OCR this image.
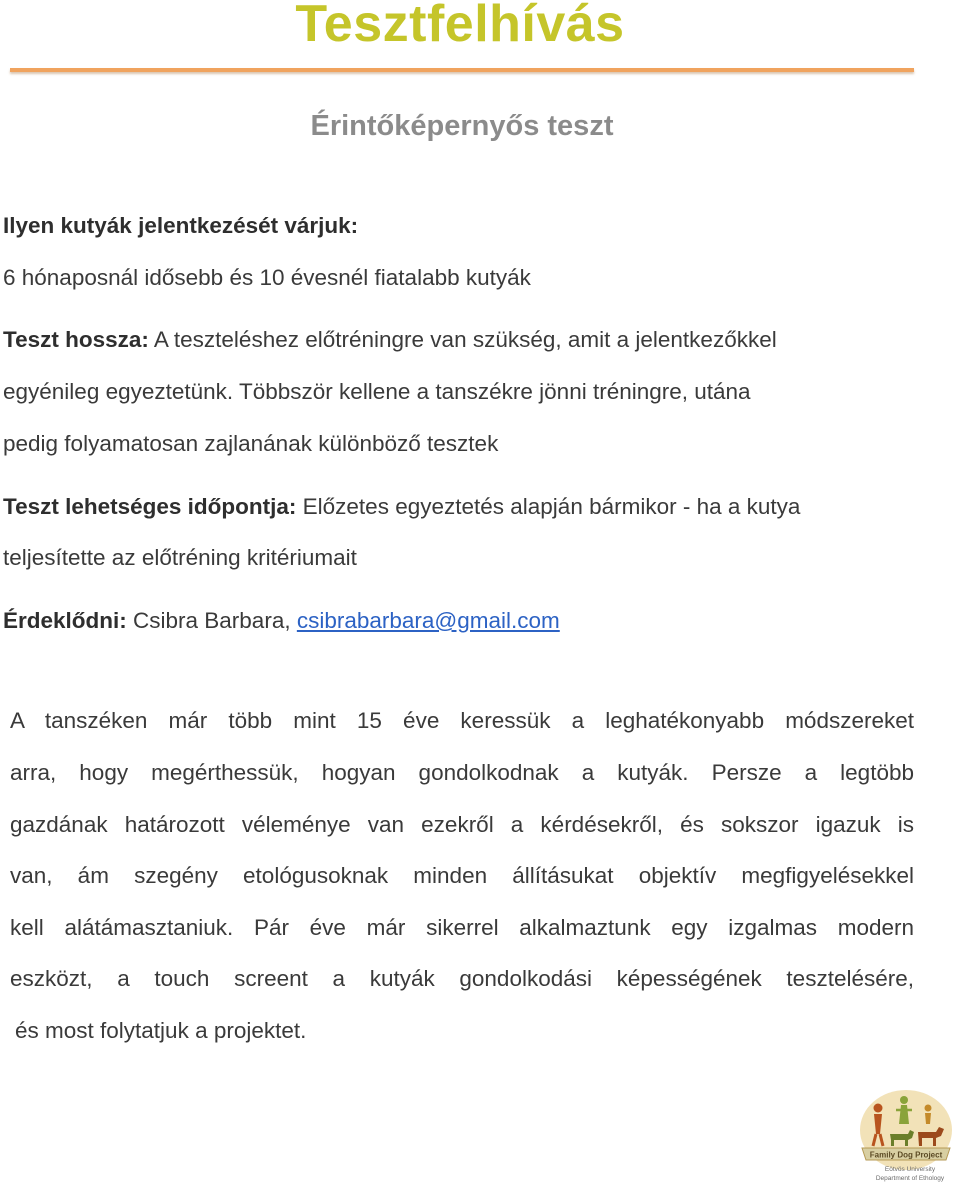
Tesztfelhívás
Érintőképernyős teszt
Ilyen kutyák jelentkezését várjuk:
6 hónaposnál idősebb és 10 évesnél fiatalabb kutyák
Teszt hossza: A teszteléshez előtréningre van szükség, amit a jelentkezőkkel
egyénileg egyeztetünk. Többször kellene a tanszékre jönni tréningre, utána
pedig folyamatosan zajlanának különböző tesztek
Teszt lehetséges időpontja: Előzetes egyeztetés alapján bármikor - ha a kutya
teljesítette az előtréning kritériumait
Érdeklődni: Csibra Barbara, csibrabarbara@gmail.com
A tanszéken már több mint 15 éve keressük a leghatékonyabb módszereket
arra, hogy megérthessük, hogyan gondolkodnak a kutyák. Persze a legtöbb
gazdának határozott véleménye van ezekről a kérdésekről, és sokszor igazuk is
van, ám szegény etológusoknak minden állításukat objektív megfigyelésekkel
kell alátámasztaniuk. Pár éve már sikerrel alkalmaztunk egy izgalmas modern
eszközt, a touch screent a kutyák gondolkodási képességének tesztelésére,
és most folytatjuk a projektet.
Family Dog Project
Eötvös University
Department of Ethology
